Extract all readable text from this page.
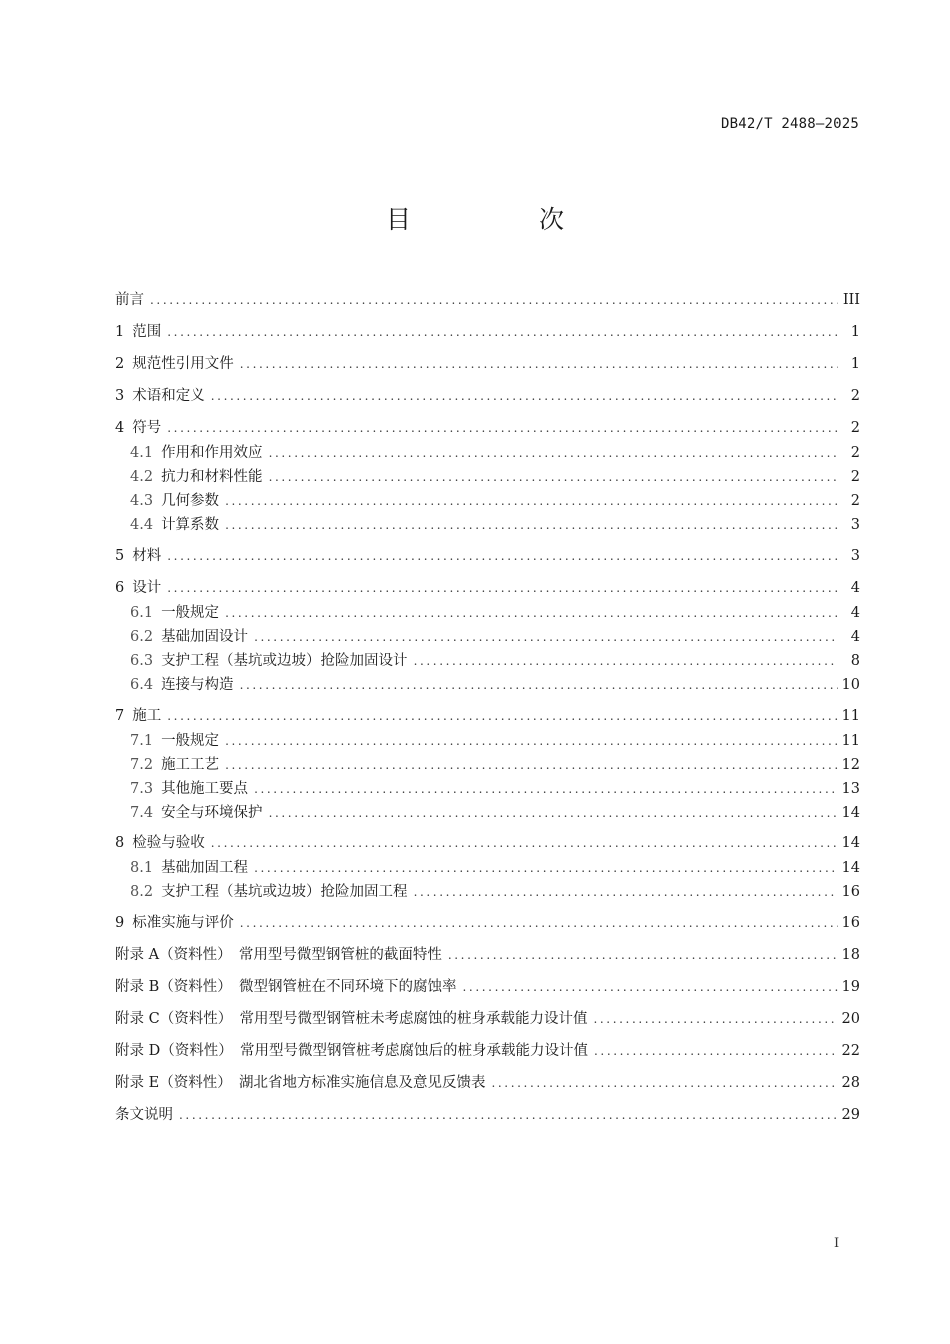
DB42/T 2488—2025
目 次
前言 .....	III
1 范围 .....	1
2 规范性引用文件 .....	1
3 术语和定义 .....	2
4 符号 .....	2
4.1 作用和作用效应 .....	2
4.2 抗力和材料性能 .....	2
4.3 几何参数 .....	2
4.4 计算系数 .....	3
5 材料 .....	3
6 设计 .....	4
6.1 一般规定 .....	4
6.2 基础加固设计 .....	4
6.3 支护工程（基坑或边坡）抢险加固设计 .....	8
6.4 连接与构造 .....	10
7 施工 .....	11
7.1 一般规定 .....	11
7.2 施工工艺 .....	12
7.3 其他施工要点 .....	13
7.4 安全与环境保护 .....	14
8 检验与验收 .....	14
8.1 基础加固工程 .....	14
8.2 支护工程（基坑或边坡）抢险加固工程 .....	16
9 标准实施与评价 .....	16
附录 A（资料性）　常用型号微型钢管桩的截面特性 .....	18
附录 B（资料性）　微型钢管桩在不同环境下的腐蚀率 .....	19
附录 C（资料性）　常用型号微型钢管桩未考虑腐蚀的桩身承载能力设计值 .....	20
附录 D（资料性）　常用型号微型钢管桩考虑腐蚀后的桩身承载能力设计值 .....	22
附录 E（资料性）　湖北省地方标准实施信息及意见反馈表 .....	28
条文说明 .....	29
I
